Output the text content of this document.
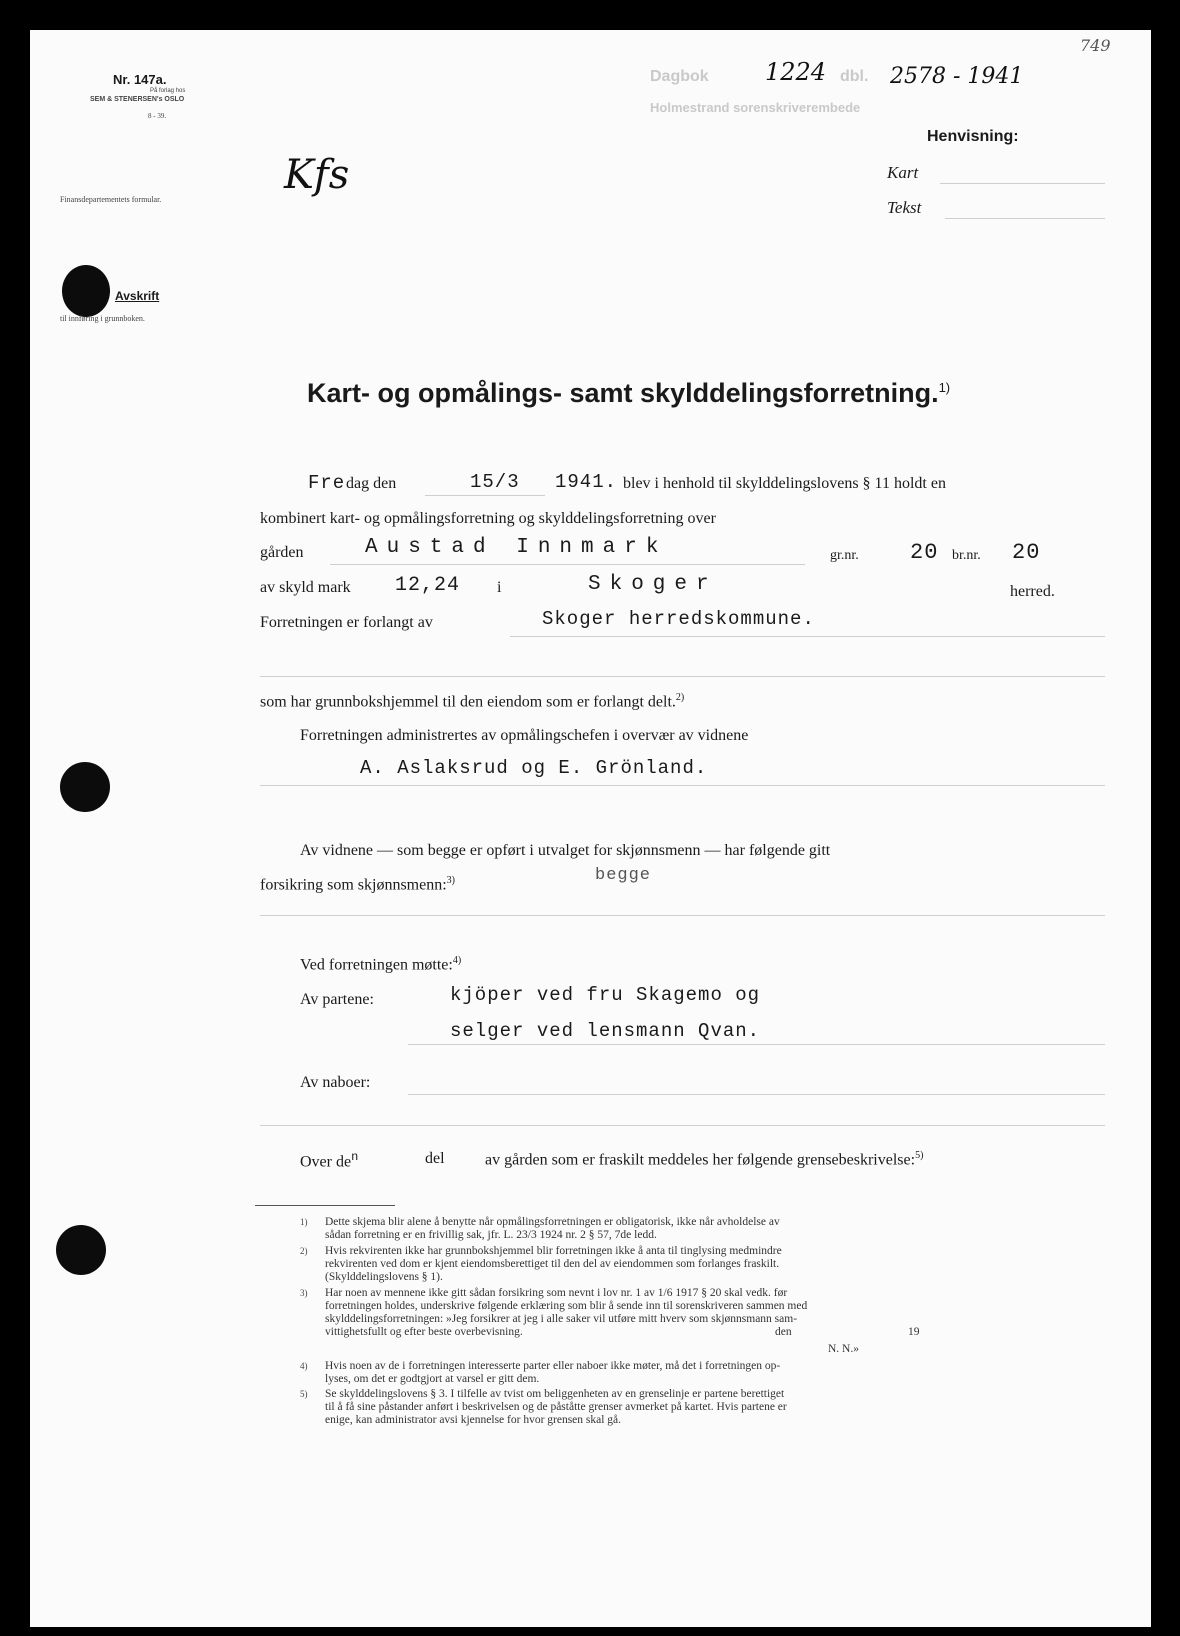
Nr. 147a.
På forlag hos
SEM & STENERSEN's OSLO
8 - 39.
Finansdepartementets formular.
Avskrift
til innføring i grunnboken.
Dagbok 1224 dbl. 2578 - 1941
749
Holmestrand sorenskriverembede
Henvisning:
Kart
Tekst
Kfs
Kart- og opmålings- samt skylddelingsforretning.$^{1)}$
Fre dag den	15/3 1941. blev i henhold til skylddelingslovens § 11 holdt en
kombinert kart- og opmålingsforretning og skylddelingsforretning over
gården	Austad Innmark	gr.nr. 20 br.nr. 20
av skyld mark 12,24 i	Skoger	herred.
Forretningen er forlangt av	Skoger herredskommune.
som har grunnbokshjemmel til den eiendom som er forlangt delt.$^{2)}$
Forretningen administrertes av opmålingschefen i overvær av vidnene
A. Aslaksrud og E. Grönland.
Av vidnene — som begge er opført i utvalget for skjønnsmenn — har følgende gitt
forsikring som skjønnsmenn:$^{3)}$	begge
Ved forretningen møtte:$^{4)}$
Av partene:	kjöper ved fru Skagemo og
selger ved lensmann Qvan.
Av naboer:
Over $de^n$	del	av gården som er fraskilt meddeles her følgende grensebeskrivelse:$^{5)}$
1) Dette skjema blir alene å benytte når opmålingsforretningen er obligatorisk, ikke når avholdelse av
sådan forretning er en frivillig sak, jfr. L. 23/3 1924 nr. 2 § 57, 7de ledd.
2) Hvis rekvirenten ikke har grunnbokshjemmel blir forretningen ikke å anta til tinglysing medmindre
rekvirenten ved dom er kjent eiendomsberettiget til den del av eiendommen som forlanges fraskilt.
(Skylddelingslovens § 1).
3) Har noen av mennene ikke gitt sådan forsikring som nevnt i lov nr. 1 av 1/6 1917 § 20 skal vedk. før
forretningen holdes, underskrive følgende erklæring som blir å sende inn til sorenskriveren sammen med
skylddelingsforretningen: »Jeg forsikrer at jeg i alle saker vil utføre mitt hverv som skjønnsmann sam-
vittighetsfullt og efter beste overbevisning.	den	19
N. N.»
4) Hvis noen av de i forretningen interesserte parter eller naboer ikke møter, må det i forretningen op-
lyses, om det er godtgjort at varsel er gitt dem.
5) Se skylddelingslovens § 3. I tilfelle av tvist om beliggenheten av en grenselinje er partene berettiget
til å få sine påstander anført i beskrivelsen og de påståtte grenser avmerket på kartet. Hvis partene er
enige, kan administrator avsi kjennelse for hvor grensen skal gå.
